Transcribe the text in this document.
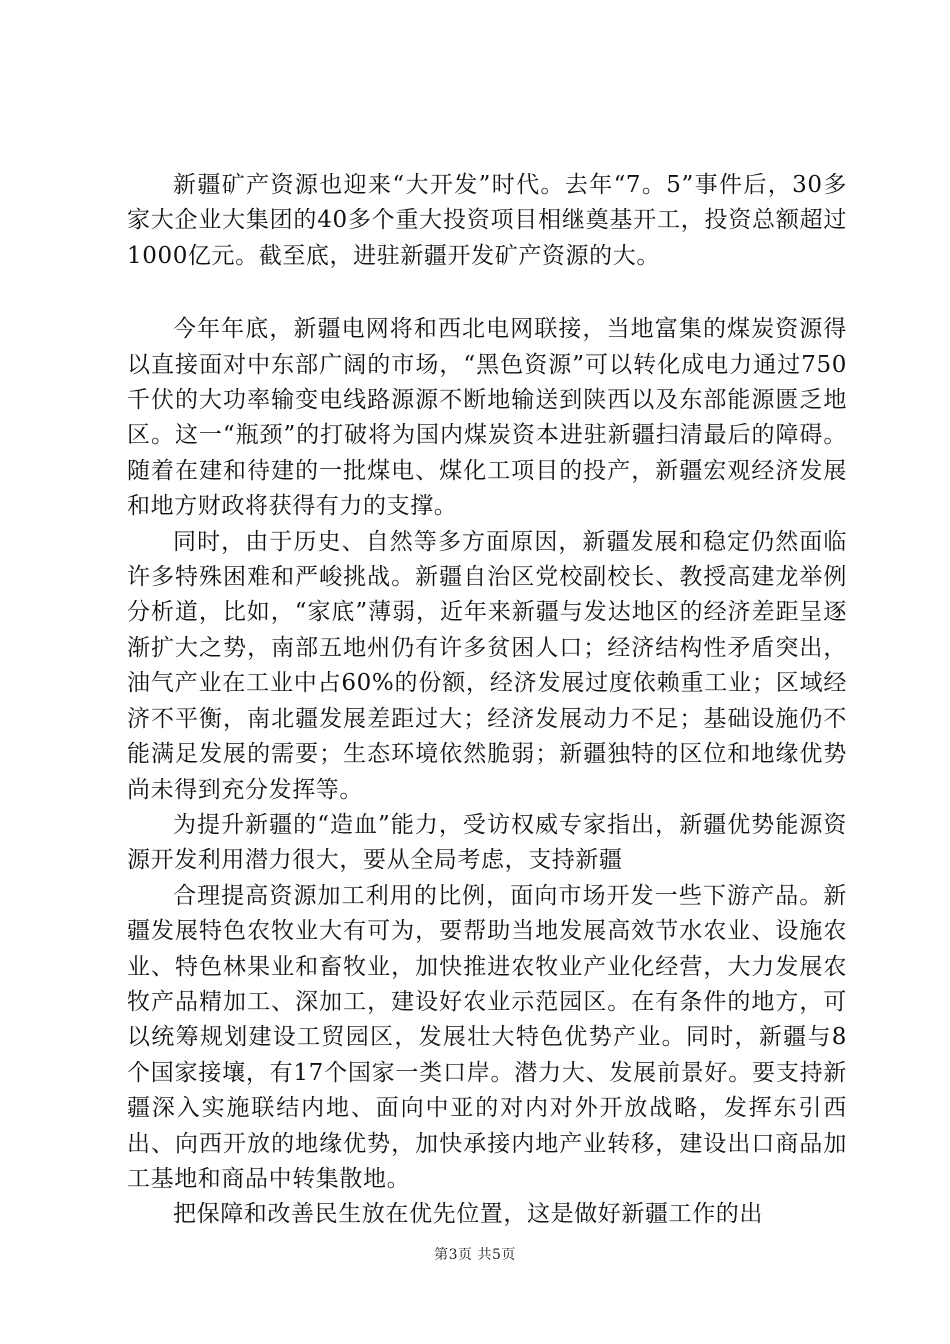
新疆矿产资源也迎来“大开发”时代。去年“7。5”事件后，30多家大企业大集团的40多个重大投资项目相继奠基开工，投资总额超过1000亿元。截至底，进驻新疆开发矿产资源的大。

今年年底，新疆电网将和西北电网联接，当地富集的煤炭资源得以直接面对中东部广阔的市场，“黑色资源”可以转化成电力通过750千伏的大功率输变电线路源源不断地输送到陕西以及东部能源匮乏地区。这一“瓶颈”的打破将为国内煤炭资本进驻新疆扫清最后的障碍。随着在建和待建的一批煤电、煤化工项目的投产，新疆宏观经济发展和地方财政将获得有力的支撑。

同时，由于历史、自然等多方面原因，新疆发展和稳定仍然面临许多特殊困难和严峻挑战。新疆自治区党校副校长、教授高建龙举例分析道，比如，“家底”薄弱，近年来新疆与发达地区的经济差距呈逐渐扩大之势，南部五地州仍有许多贫困人口；经济结构性矛盾突出，油气产业在工业中占60%的份额，经济发展过度依赖重工业；区域经济不平衡，南北疆发展差距过大；经济发展动力不足；基础设施仍不能满足发展的需要；生态环境依然脆弱；新疆独特的区位和地缘优势尚未得到充分发挥等。

为提升新疆的“造血”能力，受访权威专家指出，新疆优势能源资源开发利用潜力很大，要从全局考虑，支持新疆

合理提高资源加工利用的比例，面向市场开发一些下游产品。新疆发展特色农牧业大有可为，要帮助当地发展高效节水农业、设施农业、特色林果业和畜牧业，加快推进农牧业产业化经营，大力发展农牧产品精加工、深加工，建设好农业示范园区。在有条件的地方，可以统筹规划建设工贸园区，发展壮大特色优势产业。同时，新疆与8个国家接壤，有17个国家一类口岸。潜力大、发展前景好。要支持新疆深入实施联结内地、面向中亚的对内对外开放战略，发挥东引西出、向西开放的地缘优势，加快承接内地产业转移，建设出口商品加工基地和商品中转集散地。

把保障和改善民生放在优先位置，这是做好新疆工作的出

第3页 共5页
